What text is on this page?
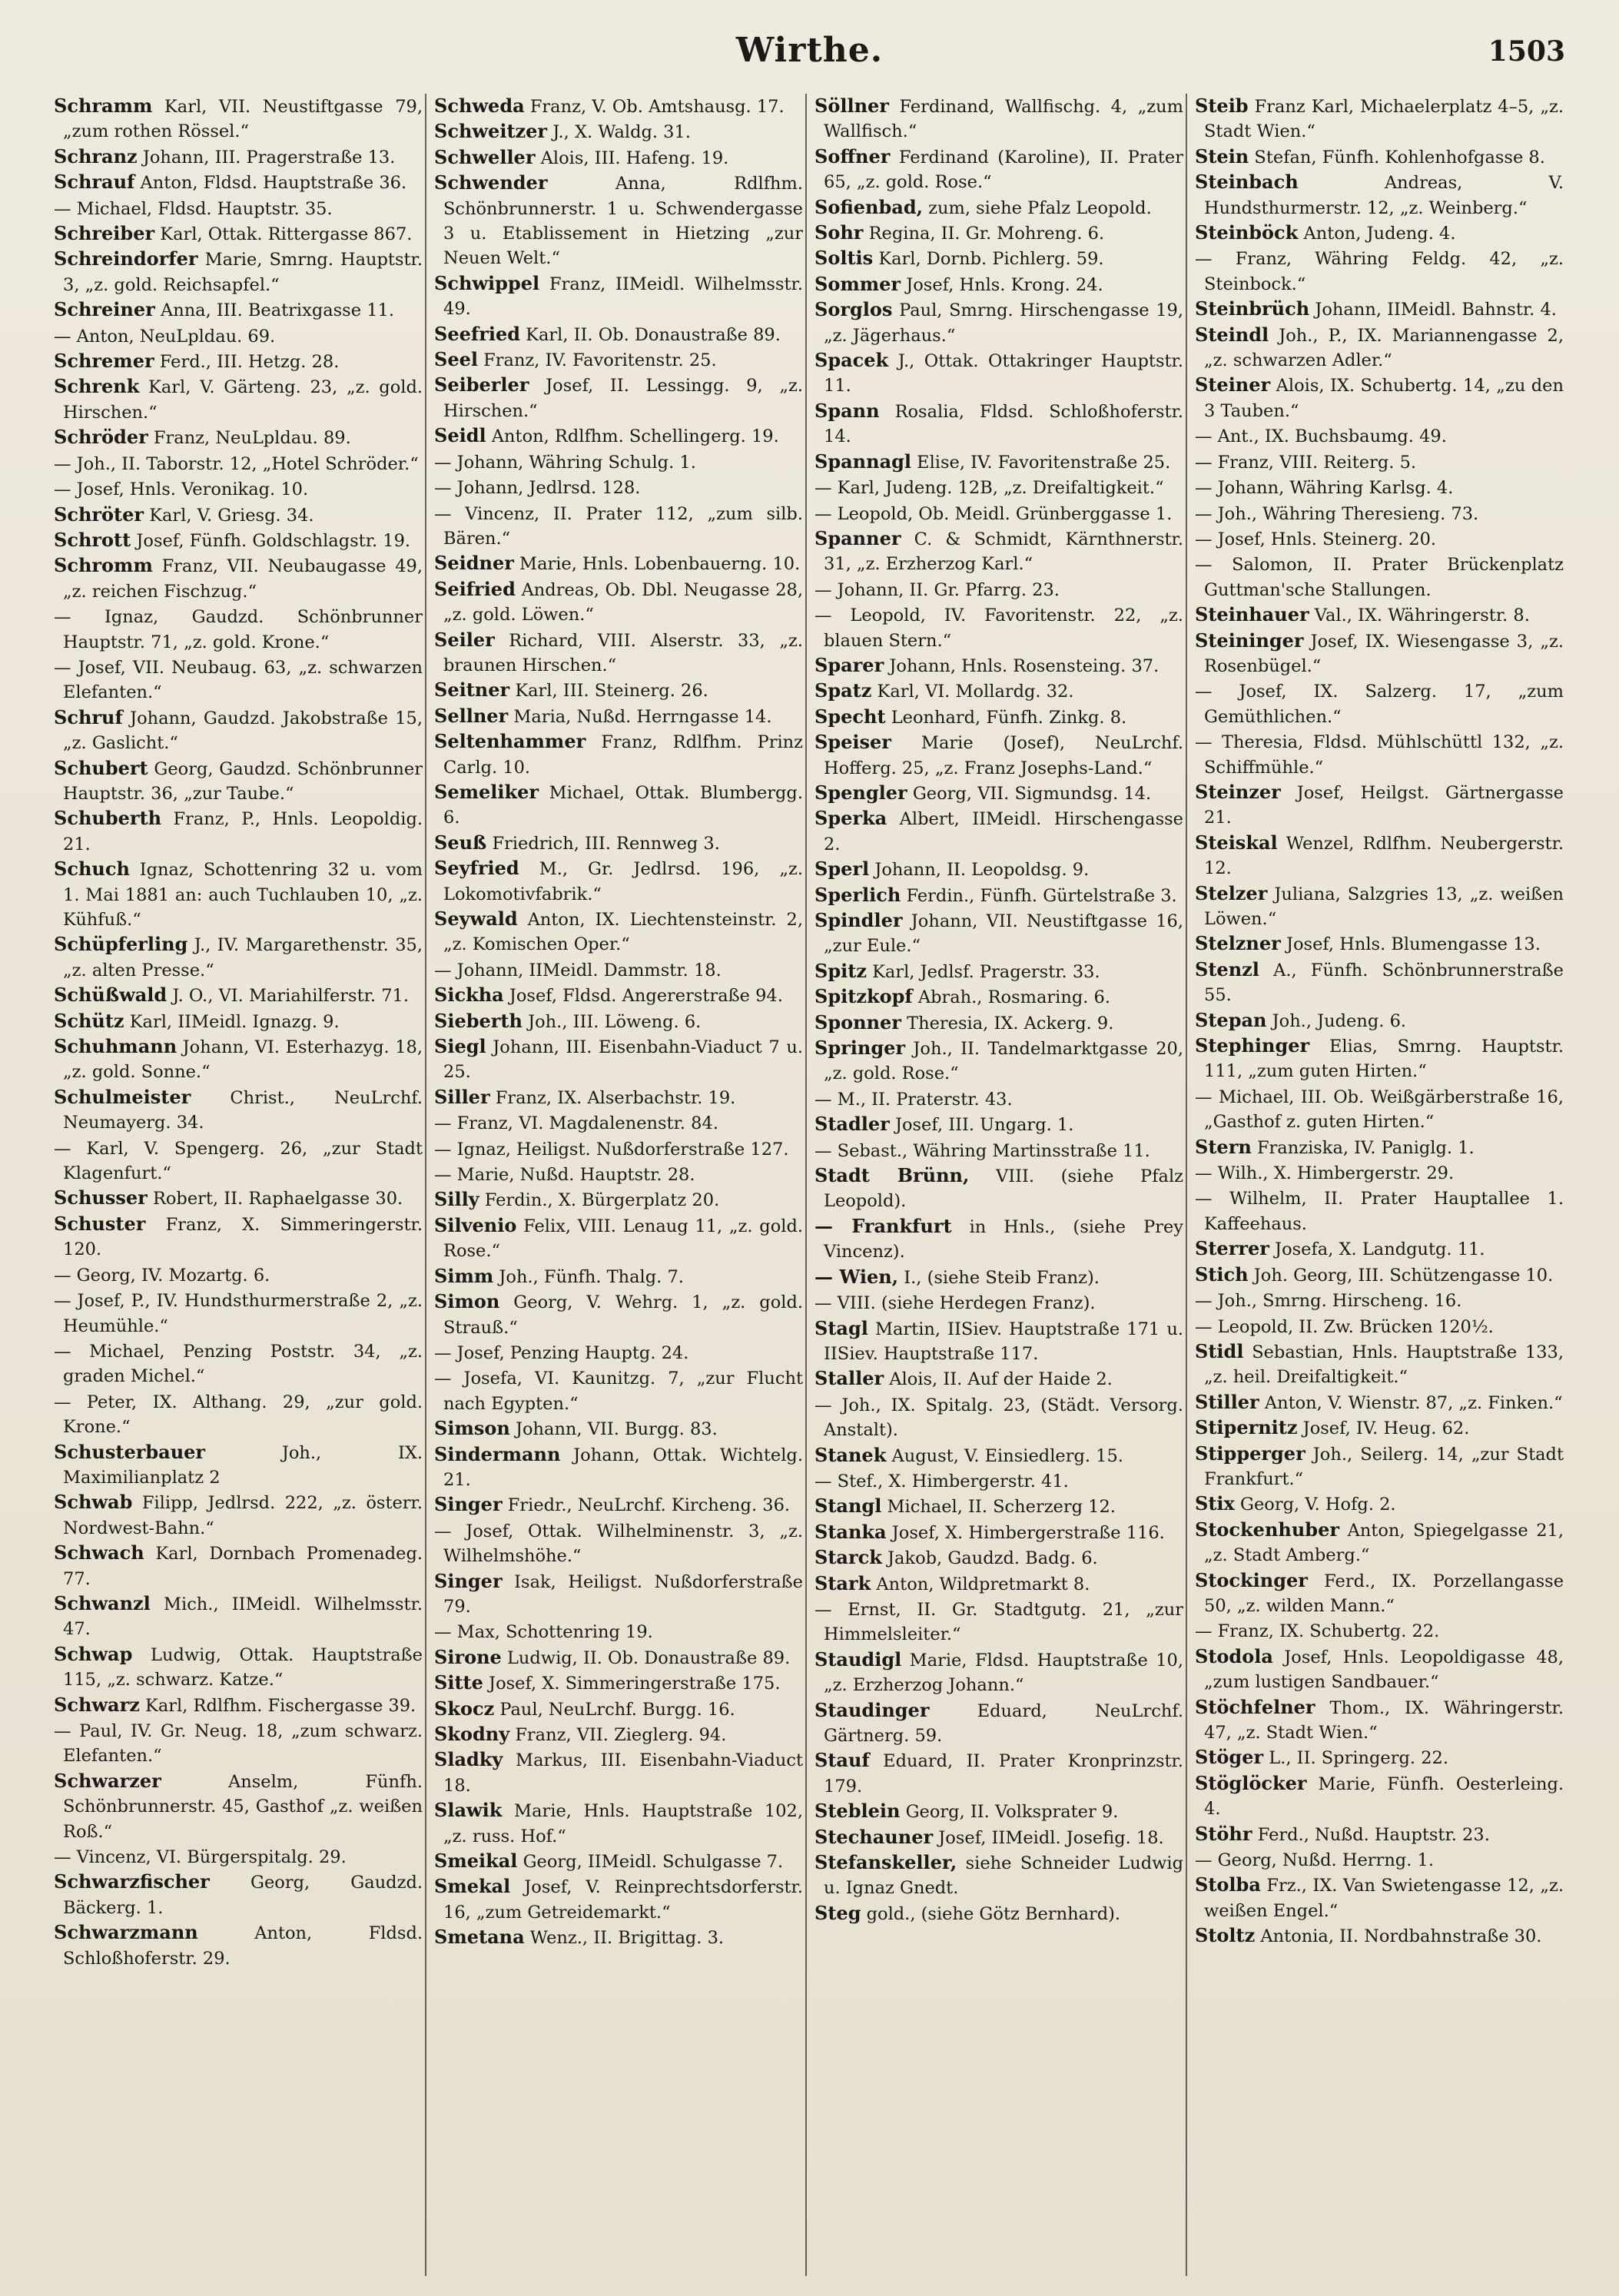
Wirthe.	1503

Schramm Karl, VII. Neustiftgasse 79, „zum rothen Rössel.“

Schranz Johann, III. Pragerstraße 13.

Schrauf Anton, Fldsd. Hauptstraße 36.

— Michael, Fldsd. Hauptstr. 35.

Schreiber Karl, Ottak. Rittergasse 867.

Schreindorfer Marie, Smrng. Hauptstr. 3, „z. gold. Reichsapfel.“

Schreiner Anna, III. Beatrixgasse 11.

— Anton, NeuLpldau. 69.

Schremer Ferd., III. Hetzg. 28.

Schrenk Karl, V. Gärteng. 23, „z. gold. Hirschen.“

Schröder Franz, NeuLpldau. 89.

— Joh., II. Taborstr. 12, „Hotel Schröder.“

— Josef, Hnls. Veronikag. 10.

Schröter Karl, V. Griesg. 34.

Schrott Josef, Fünfh. Goldschlagstr. 19.

Schromm Franz, VII. Neubaugasse 49, „z. reichen Fischzug.“

— Ignaz, Gaudzd. Schönbrunner Hauptstr. 71, „z. gold. Krone.“

— Josef, VII. Neubaug. 63, „z. schwarzen Elefanten.“

Schruf Johann, Gaudzd. Jakobstraße 15, „z. Gaslicht.“

Schubert Georg, Gaudzd. Schönbrunner Hauptstr. 36, „zur Taube.“

Schuberth Franz, P., Hnls. Leopoldig. 21.

Schuch Ignaz, Schottenring 32 u. vom 1. Mai 1881 an: auch Tuchlauben 10, „z. Kühfuß.“

Schüpferling J., IV. Margarethenstr. 35, „z. alten Presse.“

Schüßwald J. O., VI. Mariahilferstr. 71.

Schütz Karl, IIMeidl. Ignazg. 9.

Schuhmann Johann, VI. Esterhazyg. 18, „z. gold. Sonne.“

Schulmeister Christ., NeuLrchf. Neumayerg. 34.

— Karl, V. Spengerg. 26, „zur Stadt Klagenfurt.“

Schusser Robert, II. Raphaelgasse 30.

Schuster Franz, X. Simmeringerstr. 120.

— Georg, IV. Mozartg. 6.

— Josef, P., IV. Hundsthurmerstraße 2, „z. Heumühle.“

— Michael, Penzing Poststr. 34, „z. graden Michel.“

— Peter, IX. Althang. 29, „zur gold. Krone.“

Schusterbauer	Joh., IX. Maximilianplatz 2

Schwab Filipp, Jedlrsd. 222, „z. österr. Nordwest-Bahn.“

Schwach Karl, Dornbach Promenadeg. 77.

Schwanzl Mich., IIMeidl. Wilhelmsstr. 47.

Schwap Ludwig, Ottak. Hauptstraße 115, „z. schwarz. Katze.“

Schwarz Karl, Rdlfhm. Fischergasse 39.

— Paul, IV. Gr. Neug. 18, „zum schwarz. Elefanten.“

Schwarzer	Anselm, Fünfh. Schönbrunnerstr. 45, Gasthof „z. weißen Roß.“

— Vincenz, VI. Bürgerspitalg. 29.

Schwarzfischer Georg, Gaudzd. Bäckerg. 1.

Schwarzmann	Anton, Fldsd. Schloßhoferstr. 29.

Schweda Franz, V. Ob. Amtshausg. 17.

Schweitzer J., X. Waldg. 31.

Schweller Alois, III. Hafeng. 19.

Schwender	Anna, Rdlfhm. Schönbrunnerstr. 1 u. Schwendergasse 3 u. Etablissement in Hietzing „zur Neuen Welt.“

Schwippel Franz, IIMeidl. Wilhelmsstr. 49.

Seefried Karl, II. Ob. Donaustraße 89.

Seel Franz, IV. Favoritenstr. 25.

Seiberler Josef, II. Lessingg. 9, „z. Hirschen.“

Seidl Anton, Rdlfhm. Schellingerg. 19.

— Johann, Währing Schulg. 1.

— Johann, Jedlrsd. 128.

— Vincenz, II. Prater 112, „zum silb. Bären.“

Seidner Marie, Hnls. Lobenbauerng. 10.

Seifried Andreas, Ob. Dbl. Neugasse 28, „z. gold. Löwen.“

Seiler Richard, VIII. Alserstr. 33, „z. braunen Hirschen.“

Seitner Karl, III. Steinerg. 26.

Sellner Maria, Nußd. Herrngasse 14.

Seltenhammer Franz, Rdlfhm. Prinz Carlg. 10.

Semeliker Michael, Ottak. Blumbergg. 6.

Seuß Friedrich, III. Rennweg 3.

Seyfried M., Gr. Jedlrsd. 196, „z. Lokomotivfabrik.“

Seywald Anton, IX. Liechtensteinstr. 2, „z. Komischen Oper.“

— Johann, IIMeidl. Dammstr. 18.

Sickha Josef, Fldsd. Angererstraße 94.

Sieberth Joh., III. Löweng. 6.

Siegl Johann, III. Eisenbahn-Viaduct 7 u. 25.

Siller Franz, IX. Alserbachstr. 19.

— Franz, VI. Magdalenenstr. 84.

— Ignaz, Heiligst. Nußdorferstraße 127.

— Marie, Nußd. Hauptstr. 28.

Silly Ferdin., X. Bürgerplatz 20.

Silvenio Felix, VIII. Lenaug 11, „z. gold. Rose.“

Simm Joh., Fünfh. Thalg. 7.

Simon Georg, V. Wehrg. 1, „z. gold. Strauß.“

— Josef, Penzing Hauptg. 24.

— Josefa, VI. Kaunitzg. 7, „zur Flucht nach Egypten.“

Simson Johann, VII. Burgg. 83.

Sindermann Johann, Ottak. Wichtelg. 21.

Singer Friedr., NeuLrchf. Kircheng. 36.

— Josef, Ottak. Wilhelminenstr. 3, „z. Wilhelmshöhe.“

Singer Isak, Heiligst. Nußdorferstraße 79.

— Max, Schottenring 19.

Sirone Ludwig, II. Ob. Donaustraße 89.

Sitte Josef, X. Simmeringerstraße 175.

Skocz Paul, NeuLrchf. Burgg. 16.

Skodny Franz, VII. Zieglerg. 94.

Sladky Markus, III. Eisenbahn-Viaduct 18.

Slawik Marie, Hnls. Hauptstraße 102, „z. russ. Hof.“

Smeikal Georg, IIMeidl. Schulgasse 7.

Smekal Josef, V. Reinprechtsdorferstr. 16, „zum Getreidemarkt.“

Smetana Wenz., II. Brigittag. 3.

Söllner Ferdinand, Wallfischg. 4, „zum Wallfisch.“

Soffner Ferdinand (Karoline), II. Prater 65, „z. gold. Rose.“

Sofienbad, zum, siehe Pfalz Leopold.

Sohr Regina, II. Gr. Mohreng. 6.

Soltis Karl, Dornb. Pichlerg. 59.

Sommer Josef, Hnls. Krong. 24.

Sorglos Paul, Smrng. Hirschengasse 19, „z. Jägerhaus.“

Spacek J., Ottak. Ottakringer Hauptstr. 11.

Spann Rosalia, Fldsd. Schloßhoferstr. 14.

Spannagl Elise, IV. Favoritenstraße 25.

— Karl, Judeng. 12B, „z. Dreifaltigkeit.“

— Leopold, Ob. Meidl. Grünberggasse 1.

Spanner C. & Schmidt, Kärnthnerstr. 31, „z. Erzherzog Karl.“

— Johann, II. Gr. Pfarrg. 23.

— Leopold, IV. Favoritenstr. 22, „z. blauen Stern.“

Sparer Johann, Hnls. Rosensteing. 37.

Spatz Karl, VI. Mollardg. 32.

Specht Leonhard, Fünfh. Zinkg. 8.

Speiser Marie (Josef), NeuLrchf. Hofferg. 25, „z. Franz Josephs-Land.“

Spengler Georg, VII. Sigmundsg. 14.

Sperka Albert, IIMeidl. Hirschengasse 2.

Sperl Johann, II. Leopoldsg. 9.

Sperlich Ferdin., Fünfh. Gürtelstraße 3.

Spindler Johann, VII. Neustiftgasse 16, „zur Eule.“

Spitz Karl, Jedlsf. Pragerstr. 33.

Spitzkopf Abrah., Rosmaring. 6.

Sponner Theresia, IX. Ackerg. 9.

Springer Joh., II. Tandelmarktgasse 20, „z. gold. Rose.“

— M., II. Praterstr. 43.

Stadler Josef, III. Ungarg. 1.

— Sebast., Währing Martinsstraße 11.

Stadt Brünn, VIII. (siehe Pfalz Leopold).

— Frankfurt in Hnls., (siehe Prey Vincenz).

— Wien, I., (siehe Steib Franz).

— VIII. (siehe Herdegen Franz).

Stagl Martin, IISiev. Hauptstraße 171 u. IISiev. Hauptstraße 117.

Staller Alois, II. Auf der Haide 2.

— Joh., IX. Spitalg. 23, (Städt. Versorg. Anstalt).

Stanek August, V. Einsiedlerg. 15.

— Stef., X. Himbergerstr. 41.

Stangl Michael, II. Scherzerg 12.

Stanka Josef, X. Himbergerstraße 116.

Starck Jakob, Gaudzd. Badg. 6.

Stark Anton, Wildpretmarkt 8.

— Ernst, II. Gr. Stadtgutg. 21, „zur Himmelsleiter.“

Staudigl Marie, Fldsd. Hauptstraße 10, „z. Erzherzog Johann.“

Staudinger	Eduard, NeuLrchf. Gärtnerg. 59.

Stauf Eduard, II. Prater Kronprinzstr. 179.

Steblein Georg, II. Volksprater 9.

Stechauner Josef, IIMeidl. Josefig. 18.

Stefanskeller, siehe Schneider Ludwig u. Ignaz Gnedt.

Steg gold., (siehe Götz Bernhard).

Steib Franz Karl, Michaelerplatz 4–5, „z. Stadt Wien.“

Stein Stefan, Fünfh. Kohlenhofgasse 8.

Steinbach	Andreas, V. Hundsthurmerstr. 12, „z. Weinberg.“

Steinböck Anton, Judeng. 4.

— Franz, Währing Feldg. 42, „z. Steinbock.“

Steinbrüch Johann, IIMeidl. Bahnstr. 4.

Steindl Joh., P., IX. Mariannengasse 2, „z. schwarzen Adler.“

Steiner Alois, IX. Schubertg. 14, „zu den 3 Tauben.“

— Ant., IX. Buchsbaumg. 49.

— Franz, VIII. Reiterg. 5.

— Johann, Währing Karlsg. 4.

— Joh., Währing Theresieng. 73.

— Josef, Hnls. Steinerg. 20.

— Salomon, II. Prater Brückenplatz Guttman'sche Stallungen.

Steinhauer Val., IX. Währingerstr. 8.

Steininger Josef, IX. Wiesengasse 3, „z. Rosenbügel.“

— Josef, IX. Salzerg. 17, „zum Gemüthlichen.“

— Theresia, Fldsd. Mühlschüttl 132, „z. Schiffmühle.“

Steinzer Josef, Heilgst. Gärtnergasse 21.

Steiskal Wenzel, Rdlfhm. Neubergerstr. 12.

Stelzer Juliana, Salzgries 13, „z. weißen Löwen.“

Stelzner Josef, Hnls. Blumengasse 13.

Stenzl A., Fünfh. Schönbrunnerstraße 55.

Stepan Joh., Judeng. 6.

Stephinger Elias, Smrng. Hauptstr. 111, „zum guten Hirten.“

— Michael, III. Ob. Weißgärberstraße 16, „Gasthof z. guten Hirten.“

Stern Franziska, IV. Paniglg. 1.

— Wilh., X. Himbergerstr. 29.

— Wilhelm, II. Prater Hauptallee 1. Kaffeehaus.

Sterrer Josefa, X. Landgutg. 11.

Stich Joh. Georg, III. Schützengasse 10.

— Joh., Smrng. Hirscheng. 16.

— Leopold, II. Zw. Brücken 120½.

Stidl Sebastian, Hnls. Hauptstraße 133, „z. heil. Dreifaltigkeit.“

Stiller Anton, V. Wienstr. 87, „z. Finken.“

Stipernitz Josef, IV. Heug. 62.

Stipperger Joh., Seilerg. 14, „zur Stadt Frankfurt.“

Stix Georg, V. Hofg. 2.

Stockenhuber Anton, Spiegelgasse 21, „z. Stadt Amberg.“

Stockinger Ferd., IX. Porzellangasse 50, „z. wilden Mann.“

— Franz, IX. Schubertg. 22.

Stodola Josef, Hnls. Leopoldigasse 48, „zum lustigen Sandbauer.“

Stöchfelner Thom., IX. Währingerstr. 47, „z. Stadt Wien.“

Stöger L., II. Springerg. 22.

Stöglöcker Marie, Fünfh. Oesterleing. 4.

Stöhr Ferd., Nußd. Hauptstr. 23.

— Georg, Nußd. Herrng. 1.

Stolba Frz., IX. Van Swietengasse 12, „z. weißen Engel.“

Stoltz Antonia, II. Nordbahnstraße 30.
